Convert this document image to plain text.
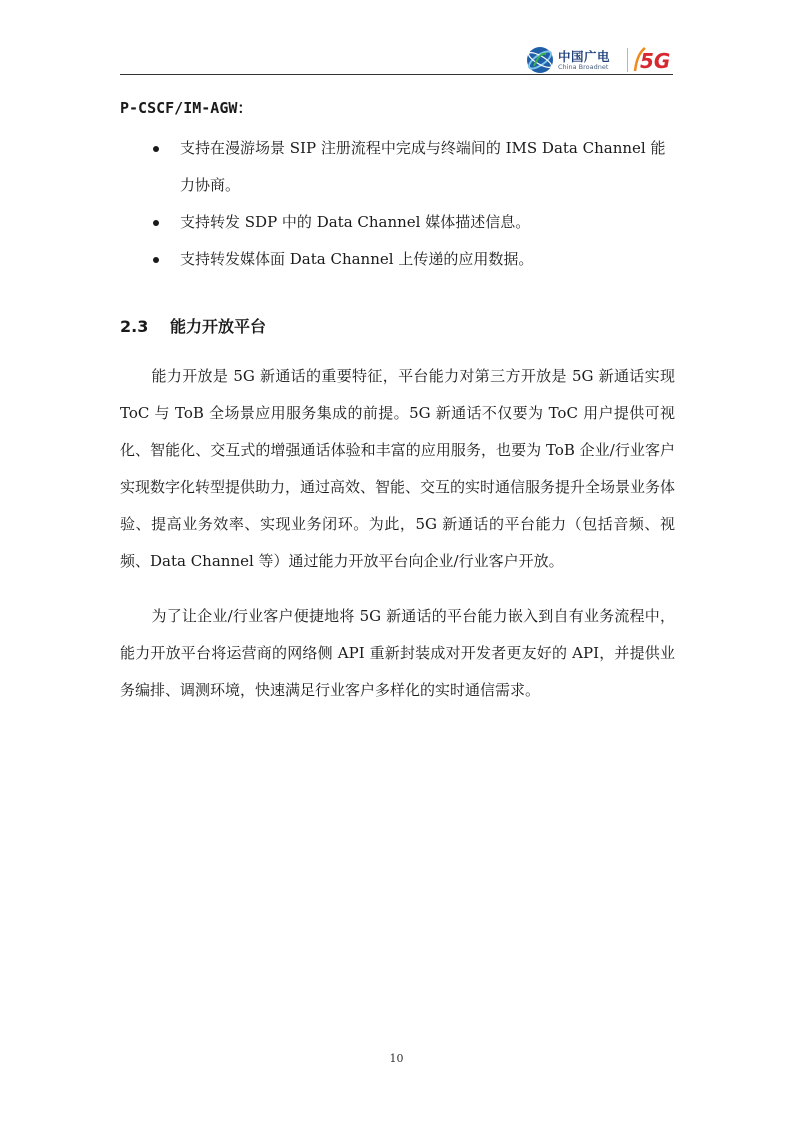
中国广电
China Broadnet 5G

P-CSCF/IM-AGW：

支持在漫游场景 SIP 注册流程中完成与终端间的 IMS Data Channel 能力协商。
支持转发 SDP 中的 Data Channel 媒体描述信息。
支持转发媒体面 Data Channel 上传递的应用数据。
2.3 能力开放平台

能力开放是 5G 新通话的重要特征，平台能力对第三方开放是 5G 新通话实现 ToC 与 ToB 全场景应用服务集成的前提。5G 新通话不仅要为 ToC 用户提供可视化、智能化、交互式的增强通话体验和丰富的应用服务，也要为 ToB 企业/行业客户实现数字化转型提供助力，通过高效、智能、交互的实时通信服务提升全场景业务体验、提高业务效率、实现业务闭环。为此，5G 新通话的平台能力（包括音频、视频、Data Channel 等）通过能力开放平台向企业/行业客户开放。

为了让企业/行业客户便捷地将 5G 新通话的平台能力嵌入到自有业务流程中，能力开放平台将运营商的网络侧 API 重新封装成对开发者更友好的 API，并提供业务编排、调测环境，快速满足行业客户多样化的实时通信需求。

10
